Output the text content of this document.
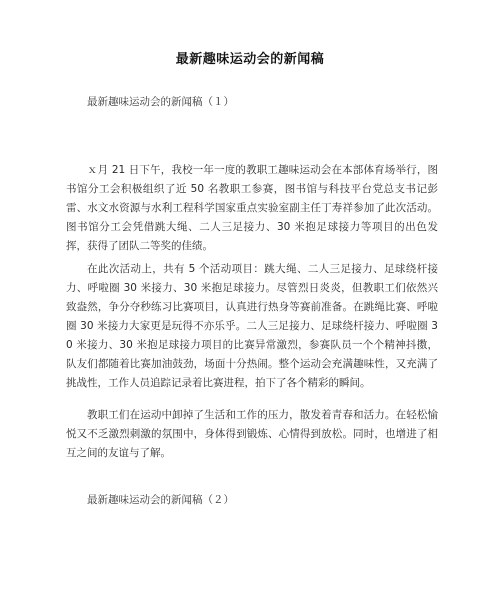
最新趣味运动会的新闻稿
最新趣味运动会的新闻稿（１）
ｘ月 21 日下午，我校一年一度的教职工趣味运动会在本部体育场举行，图书馆分工会积极组织了近 50 名教职工参赛，图书馆与科技平台党总支书记彭雷、水文水资源与水利工程科学国家重点实验室副主任丁寿祥参加了此次活动。图书馆分工会凭借跳大绳、二人三足接力、30 米抱足球接力等项目的出色发挥，获得了团队二等奖的佳绩。
在此次活动上，共有 5 个活动项目：跳大绳、二人三足接力、足球绕杆接力、呼啦圈 30 米接力、30 米抱足球接力。尽管烈日炎炎，但教职工们依然兴致盎然，争分夺秒练习比赛项目，认真进行热身等赛前准备。在跳绳比赛、呼啦圈 30 米接力大家更是玩得不亦乐乎。二人三足接力、足球绕杆接力、呼啦圈 30 米接力、30 米抱足球接力项目的比赛异常激烈，参赛队员一个个精神抖擞，队友们都随着比赛加油鼓劲，场面十分热闹。整个运动会充满趣味性，又充满了挑战性，工作人员追踪记录着比赛进程，拍下了各个精彩的瞬间。
教职工们在运动中卸掉了生活和工作的压力，散发着青春和活力。在轻松愉悦又不乏激烈刺激的氛围中，身体得到锻炼、心情得到放松。同时，也增进了相互之间的友谊与了解。
最新趣味运动会的新闻稿（２）
